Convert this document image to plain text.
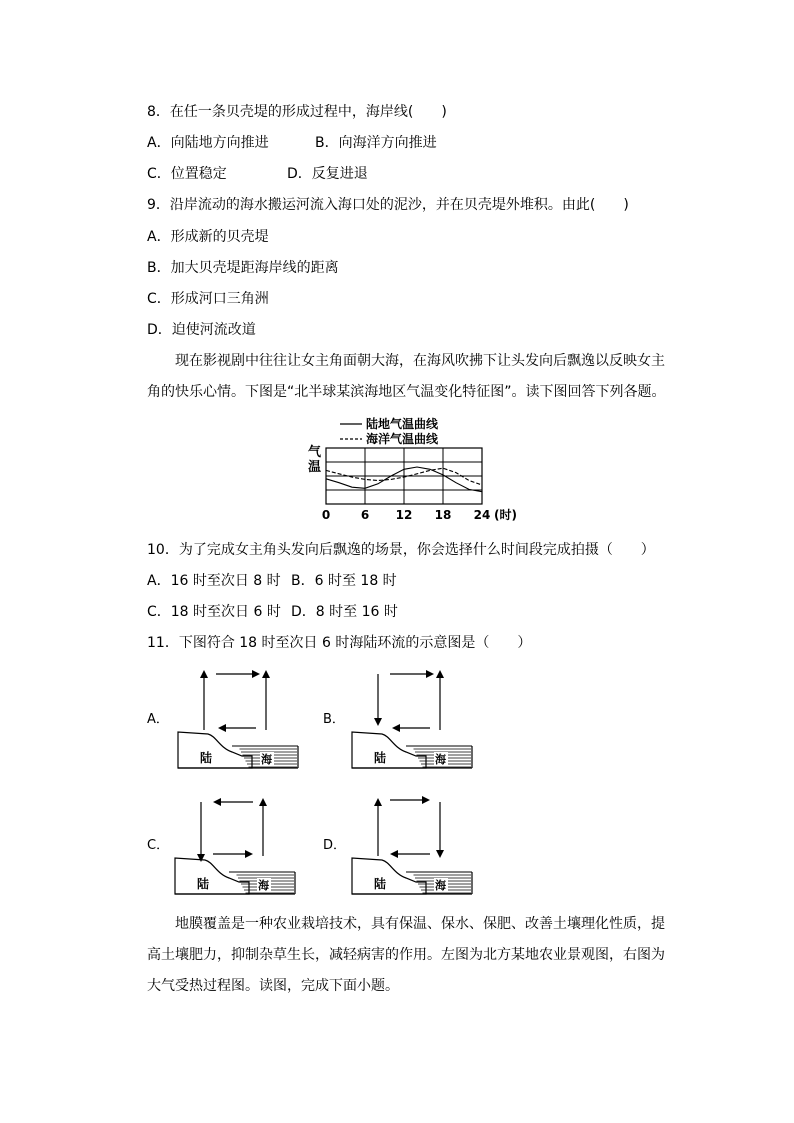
8．在任一条贝壳堤的形成过程中，海岸线(　　)
A．向陆地方向推进	B．向海洋方向推进
C．位置稳定	D．反复进退
9．沿岸流动的海水搬运河流入海口处的泥沙，并在贝壳堤外堆积。由此(　　)
A．形成新的贝壳堤
B．加大贝壳堤距海岸线的距离
C．形成河口三角洲
D．迫使河流改道
现在影视剧中往往让女主角面朝大海，在海风吹拂下让头发向后飘逸以反映女主角的快乐心情。下图是“北半球某滨海地区气温变化特征图”。读下图回答下列各题。
陆地气温曲线
海洋气温曲线
气
温
0	6 12 18 24 (时)
10．为了完成女主角头发向后飘逸的场景，你会选择什么时间段完成拍摄（　　）
A．16 时至次日 8 时 B．6 时至 18 时
C．18 时至次日 6 时 D．8 时至 16 时
11．下图符合 18 时至次日 6 时海陆环流的示意图是（　　）
A．	B．
C．	D．
陆	海	陆	海
陆	海	陆	海
地膜覆盖是一种农业栽培技术，具有保温、保水、保肥、改善土壤理化性质，提高土壤肥力，抑制杂草生长，减轻病害的作用。左图为北方某地农业景观图，右图为大气受热过程图。读图，完成下面小题。
